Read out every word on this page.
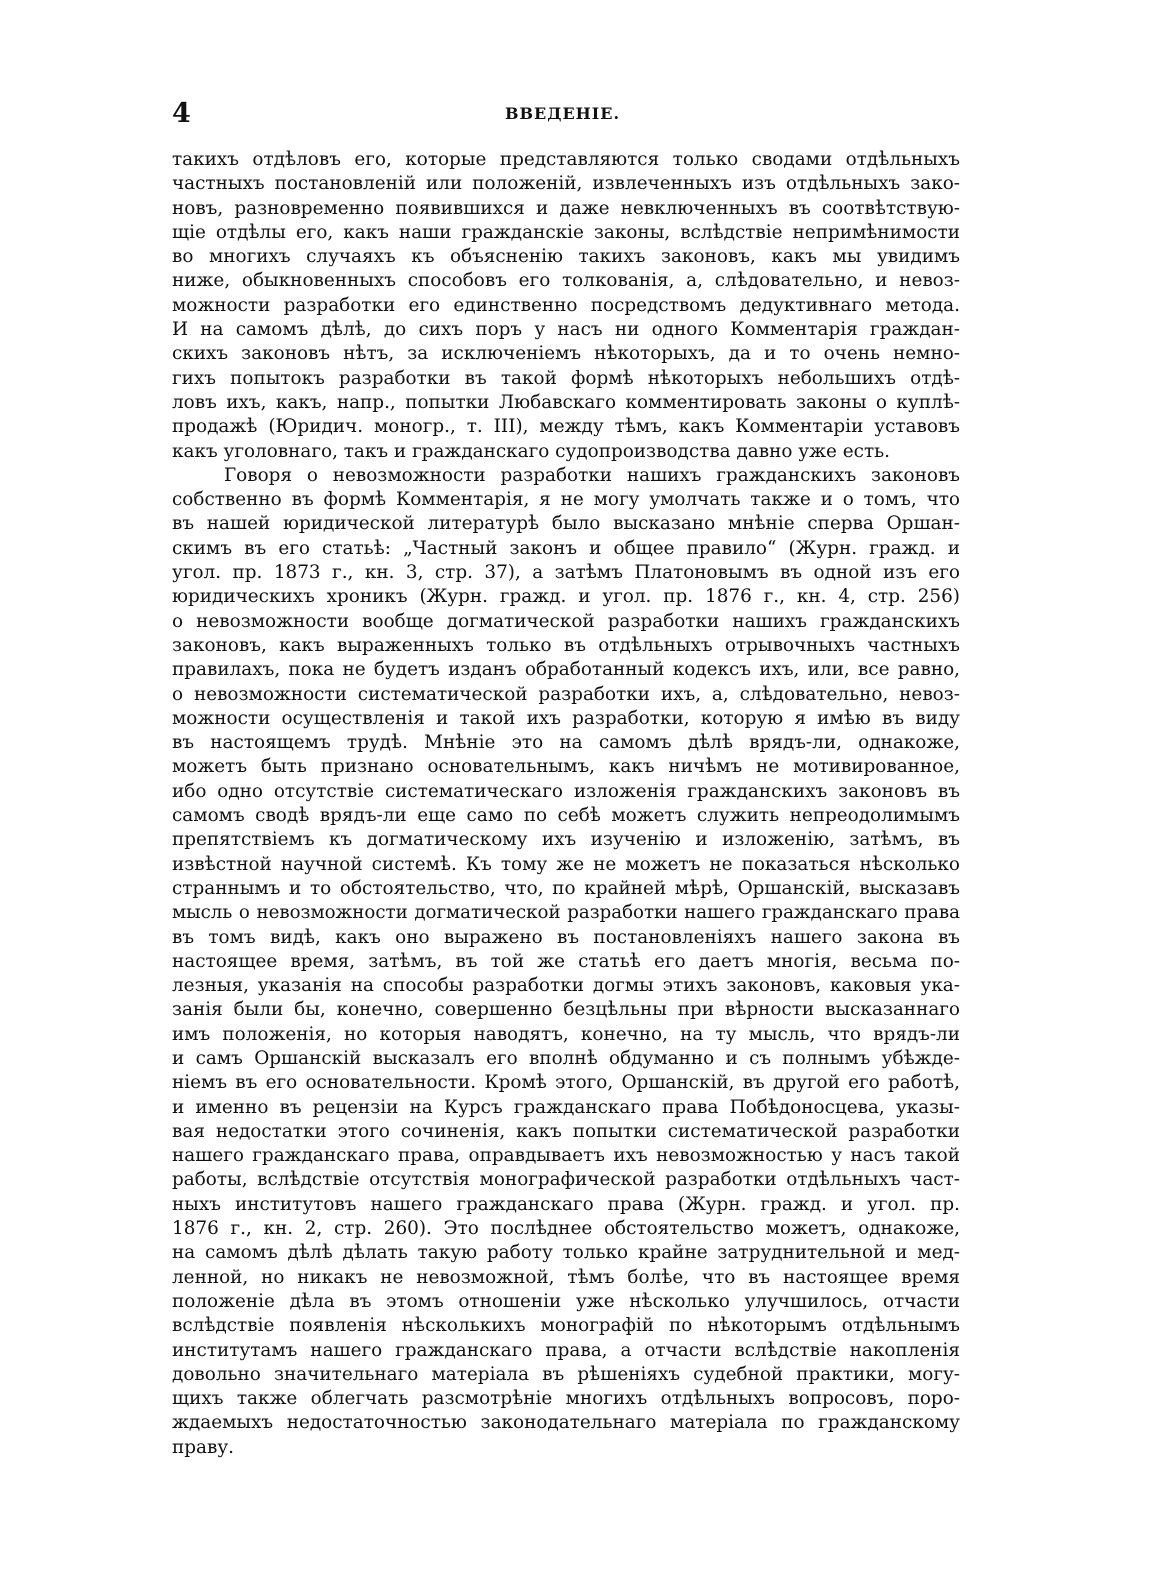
4	ВВЕДЕНІЕ.
такихъ отдѣловъ его, которые представляются только сводами отдѣльныхъ
частныхъ постановленій или положеній, извлеченныхъ изъ отдѣльныхъ зако-
новъ, разновременно появившихся и даже невключенныхъ въ соотвѣтствую-
щіе отдѣлы его, какъ наши гражданскіе законы, вслѣдствіе непримѣнимости
во многихъ случаяхъ къ объясненію такихъ законовъ, какъ мы увидимъ
ниже, обыкновенныхъ способовъ его толкованія, а, слѣдовательно, и невоз-
можности разработки его единственно посредствомъ дедуктивнаго метода.
И на самомъ дѣлѣ, до сихъ поръ у насъ ни одного Комментарія граждан-
скихъ законовъ нѣтъ, за исключеніемъ нѣкоторыхъ, да и то очень немно-
гихъ попытокъ разработки въ такой формѣ нѣкоторыхъ небольшихъ отдѣ-
ловъ ихъ, какъ, напр., попытки Любавскаго комментировать законы о куплѣ-
продажѣ (Юридич. моногр., т. III), между тѣмъ, какъ Комментаріи уставовъ
какъ уголовнаго, такъ и гражданскаго судопроизводства давно уже есть.
Говоря о невозможности разработки нашихъ гражданскихъ законовъ
собственно въ формѣ Комментарія, я не могу умолчать также и о томъ, что
въ нашей юридической литературѣ было высказано мнѣніе сперва Оршан-
скимъ въ его статьѣ: „Частный законъ и общее правило“ (Журн. гражд. и
угол. пр. 1873 г., кн. 3, стр. 37), а затѣмъ Платоновымъ въ одной изъ его
юридическихъ хроникъ (Журн. гражд. и угол. пр. 1876 г., кн. 4, стр. 256)
о невозможности вообще догматической разработки нашихъ гражданскихъ
законовъ, какъ выраженныхъ только въ отдѣльныхъ отрывочныхъ частныхъ
правилахъ, пока не будетъ изданъ обработанный кодексъ ихъ, или, все равно,
о невозможности систематической разработки ихъ, а, слѣдовательно, невоз-
можности осуществленія и такой ихъ разработки, которую я имѣю въ виду
въ настоящемъ трудѣ. Мнѣніе это на самомъ дѣлѣ врядъ-ли, однакоже,
можетъ быть признано основательнымъ, какъ ничѣмъ не мотивированное,
ибо одно отсутствіе систематическаго изложенія гражданскихъ законовъ въ
самомъ сводѣ врядъ-ли еще само по себѣ можетъ служить непреодолимымъ
препятствіемъ къ догматическому ихъ изученію и изложенію, затѣмъ, въ
извѣстной научной системѣ. Къ тому же не можетъ не показаться нѣсколько
страннымъ и то обстоятельство, что, по крайней мѣрѣ, Оршанскій, высказавъ
мысль о невозможности догматической разработки нашего гражданскаго права
въ томъ видѣ, какъ оно выражено въ постановленіяхъ нашего закона въ
настоящее время, затѣмъ, въ той же статьѣ его даетъ многія, весьма по-
лезныя, указанія на способы разработки догмы этихъ законовъ, каковыя ука-
занія были бы, конечно, совершенно безцѣльны при вѣрности высказаннаго
имъ положенія, но которыя наводятъ, конечно, на ту мысль, что врядъ-ли
и самъ Оршанскій высказалъ его вполнѣ обдуманно и съ полнымъ убѣжде-
ніемъ въ его основательности. Кромѣ этого, Оршанскій, въ другой его работѣ,
и именно въ рецензіи на Курсъ гражданскаго права Побѣдоносцева, указы-
вая недостатки этого сочиненія, какъ попытки систематической разработки
нашего гражданскаго права, оправдываетъ ихъ невозможностью у насъ такой
работы, вслѣдствіе отсутствія монографической разработки отдѣльныхъ част-
ныхъ институтовъ нашего гражданскаго права (Журн. гражд. и угол. пр.
1876 г., кн. 2, стр. 260). Это послѣднее обстоятельство можетъ, однакоже,
на самомъ дѣлѣ дѣлать такую работу только крайне затруднительной и мед-
ленной, но никакъ не невозможной, тѣмъ болѣе, что въ настоящее время
положеніе дѣла въ этомъ отношеніи уже нѣсколько улучшилось, отчасти
вслѣдствіе появленія нѣсколькихъ монографій по нѣкоторымъ отдѣльнымъ
институтамъ нашего гражданскаго права, а отчасти вслѣдствіе накопленія
довольно значительнаго матеріала въ рѣшеніяхъ судебной практики, могу-
щихъ также облегчать разсмотрѣніе многихъ отдѣльныхъ вопросовъ, поро-
ждаемыхъ недостаточностью законодательнаго матеріала по гражданскому
праву.
